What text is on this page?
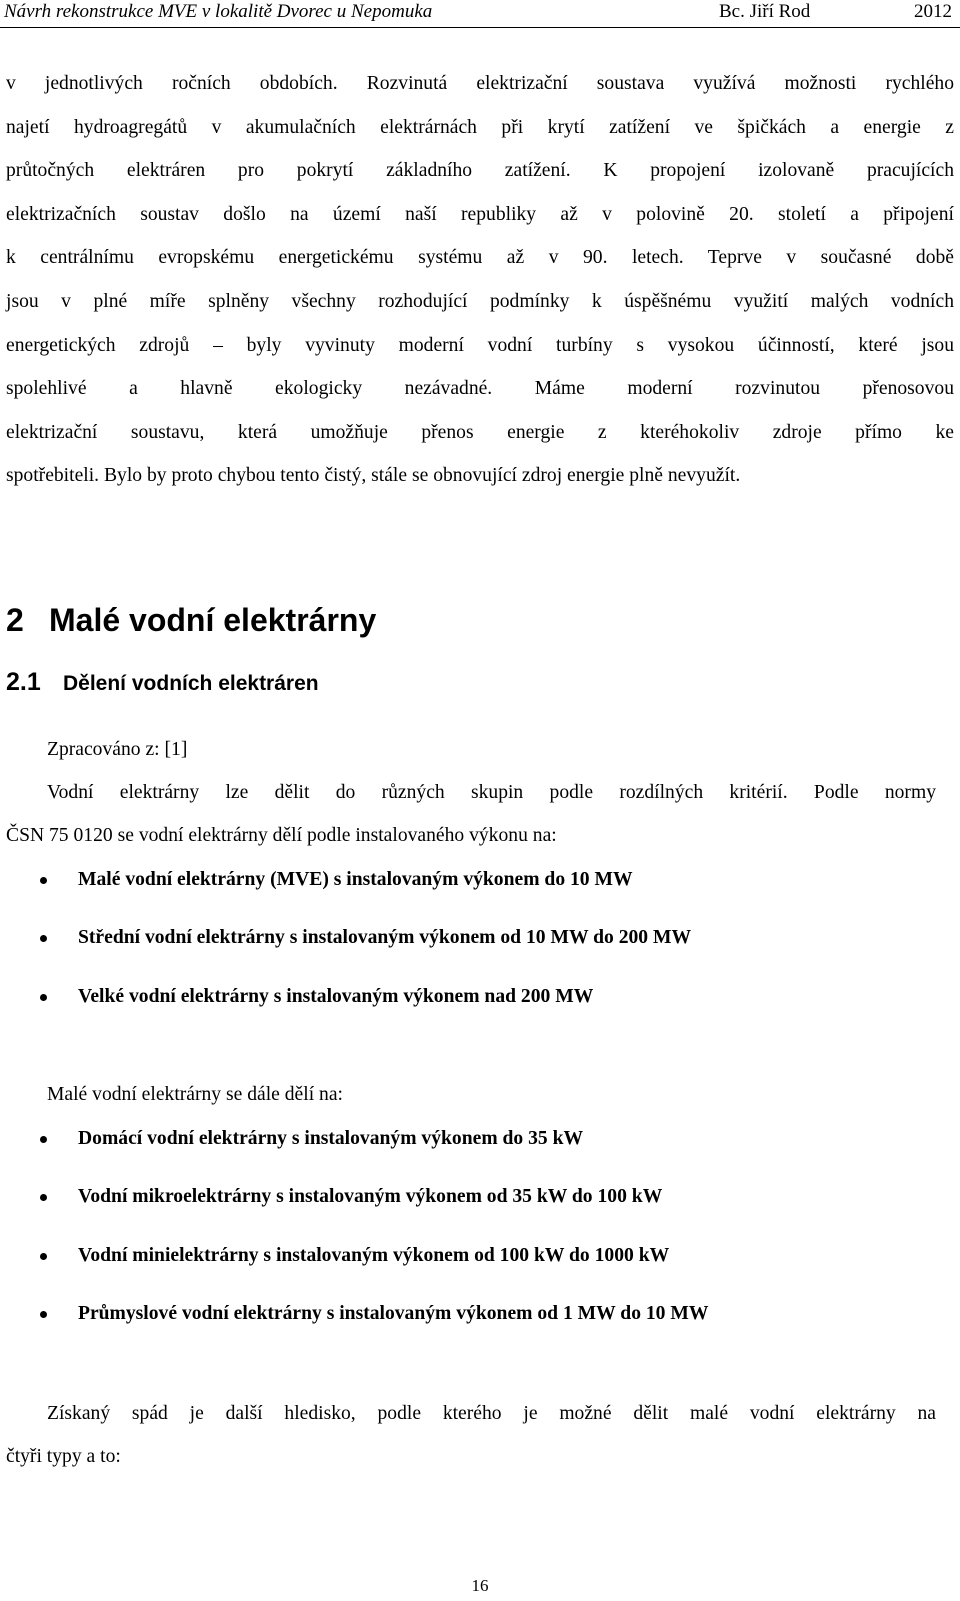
Návrh rekonstrukce MVE v lokalitě Dvorec u Nepomuka	Bc. Jiří Rod	2012
v jednotlivých ročních obdobích. Rozvinutá elektrizační soustava využívá možnosti rychlého
najetí hydroagregátů v akumulačních elektrárnách při krytí zatížení ve špičkách a energie z
průtočných elektráren pro pokrytí základního zatížení. K propojení izolovaně pracujících
elektrizačních soustav došlo na území naší republiky až v polovině 20. století a připojení
k centrálnímu evropskému energetickému systému až v 90. letech. Teprve v současné době
jsou v plné míře splněny všechny rozhodující podmínky k úspěšnému využití malých vodních
energetických zdrojů – byly vyvinuty moderní vodní turbíny s vysokou účinností, které jsou
spolehlivé a hlavně ekologicky nezávadné. Máme moderní rozvinutou přenosovou
elektrizační soustavu, která umožňuje přenos energie z kteréhokoliv zdroje přímo ke
spotřebiteli. Bylo by proto chybou tento čistý, stále se obnovující zdroj energie plně nevyužít.
2 Malé vodní elektrárny
2.1 Dělení vodních elektráren
Zpracováno z: [1]
Vodní elektrárny lze dělit do různých skupin podle rozdílných kritérií. Podle normy
ČSN 75 0120 se vodní elektrárny dělí podle instalovaného výkonu na:
Malé vodní elektrárny (MVE) s instalovaným výkonem do 10 MW
Střední vodní elektrárny s instalovaným výkonem od 10 MW do 200 MW
Velké vodní elektrárny s instalovaným výkonem nad 200 MW
Malé vodní elektrárny se dále dělí na:
Domácí vodní elektrárny s instalovaným výkonem do 35 kW
Vodní mikroelektrárny s instalovaným výkonem od 35 kW do 100 kW
Vodní minielektrárny s instalovaným výkonem od 100 kW do 1000 kW
Průmyslové vodní elektrárny s instalovaným výkonem od 1 MW do 10 MW
Získaný spád je další hledisko, podle kterého je možné dělit malé vodní elektrárny na
čtyři typy a to:
16
